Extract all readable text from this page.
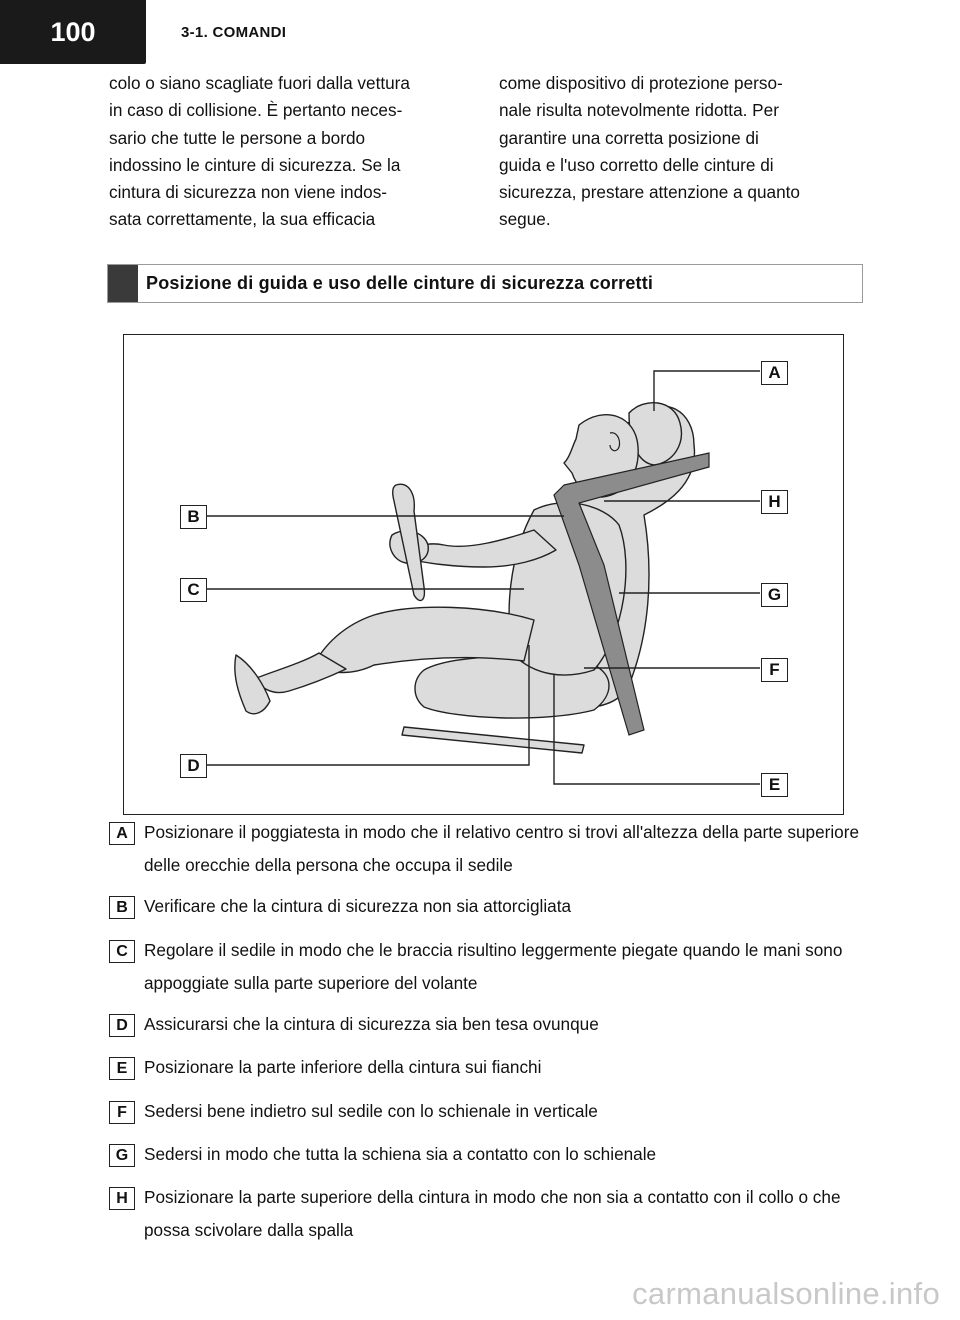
100	3-1. COMANDI
colo o siano scagliate fuori dalla vettura
in caso di collisione. È pertanto neces-
sario che tutte le persone a bordo
indossino le cinture di sicurezza. Se la
cintura di sicurezza non viene indos-
sata correttamente, la sua efficacia
come dispositivo di protezione perso-
nale risulta notevolmente ridotta. Per
garantire una corretta posizione di
guida e l'uso corretto delle cinture di
sicurezza, prestare attenzione a quanto
segue.
Posizione di guida e uso delle cinture di sicurezza corretti
A
H
B
C	G
F
D
E
A Posizionare il poggiatesta in modo che il relativo centro si trovi all'altezza della parte superiore delle orecchie della persona che occupa il sedile
B Verificare che la cintura di sicurezza non sia attorcigliata
C Regolare il sedile in modo che le braccia risultino leggermente piegate quando le mani sono appoggiate sulla parte superiore del volante
D Assicurarsi che la cintura di sicurezza sia ben tesa ovunque
E Posizionare la parte inferiore della cintura sui fianchi
F Sedersi bene indietro sul sedile con lo schienale in verticale
G Sedersi in modo che tutta la schiena sia a contatto con lo schienale
H Posizionare la parte superiore della cintura in modo che non sia a contatto con il collo o che possa scivolare dalla spalla
carmanualsonline.info
